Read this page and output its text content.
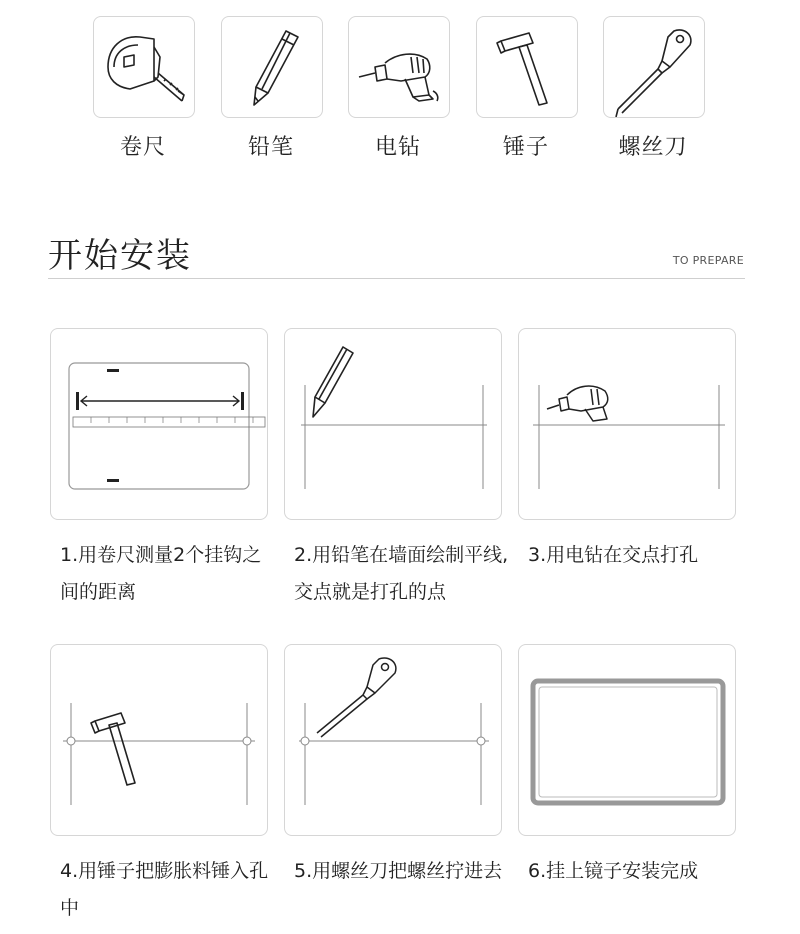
卷尺	铅笔	电钻	锤子	螺丝刀
开始安装	TO PREPARE
1.用卷尺测量2个挂钩之间的距离
2.用铅笔在墙面绘制平线,交点就是打孔的点
3.用电钻在交点打孔
4.用锤子把膨胀料锤入孔中
5.用螺丝刀把螺丝拧进去	6.挂上镜子安装完成
